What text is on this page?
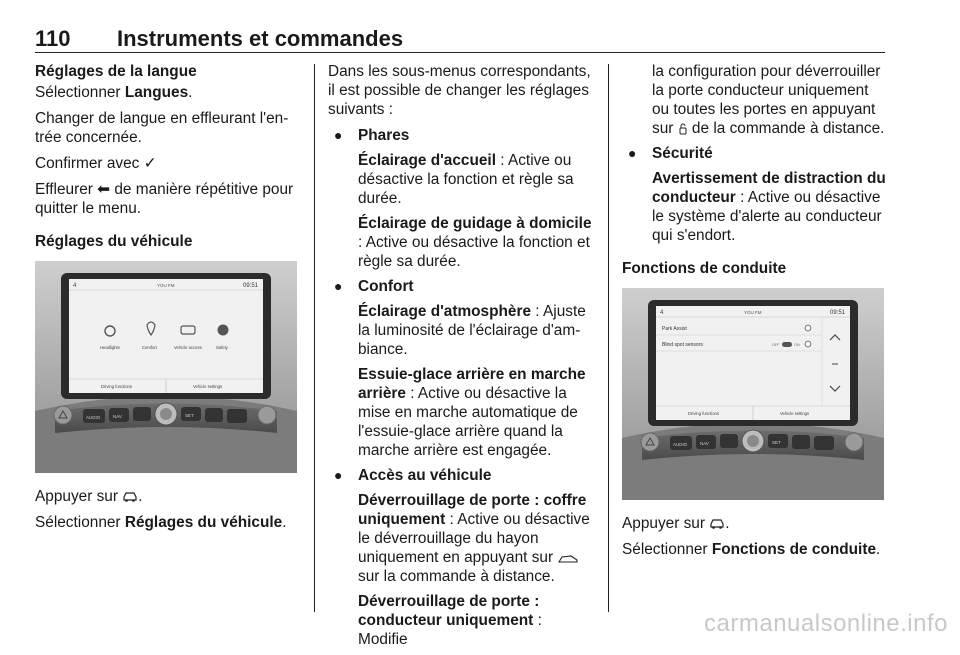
110 Instruments et commandes

Réglages de la langue

Sélectionner Langues.

Changer de langue en effleurant l'entrée concernée.

Confirmer avec ✓

Effleurer ⬅ de manière répétitive pour quitter le menu.

Réglages du véhicule

4	YOU FM	09:51
Headlights	Comfort	Vehicle access	Safety
Driving functions	Vehicle settings
AUDIO	NAV	SET

Appuyer sur .

Sélectionner Réglages du véhicule.

Dans les sous-menus correspondants, il est possible de changer les réglages suivants :

● Phares

Éclairage d'accueil : Active ou désactive la fonction et règle sa durée.

Éclairage de guidage à domicile : Active ou désactive la fonction et règle sa durée.

● Confort

Éclairage d'atmosphère : Ajuste la luminosité de l'éclairage d'ambiance.

Essuie-glace arrière en marche arrière : Active ou désactive la mise en marche automatique de l'essuie-glace arrière quand la marche arrière est engagée.

● Accès au véhicule

Déverrouillage de porte : coffre uniquement : Active ou désactive le déverrouillage du hayon uniquement en appuyant sur  sur la commande à distance.

Déverrouillage de porte : conducteur uniquement : Modifie

la configuration pour déverrouiller la porte conducteur uniquement ou toutes les portes en appuyant sur  de la commande à distance.

● Sécurité

Avertissement de distraction du conducteur : Active ou désactive le système d'alerte au conducteur qui s'endort.

Fonctions de conduite

4	YOU FM	09:51
Park Assist
Blind spot sensors	OFF	ON
Driving functions	Vehicle settings
AUDIO	NAV	SET

Appuyer sur .

Sélectionner Fonctions de conduite.

carmanualsonline.info
